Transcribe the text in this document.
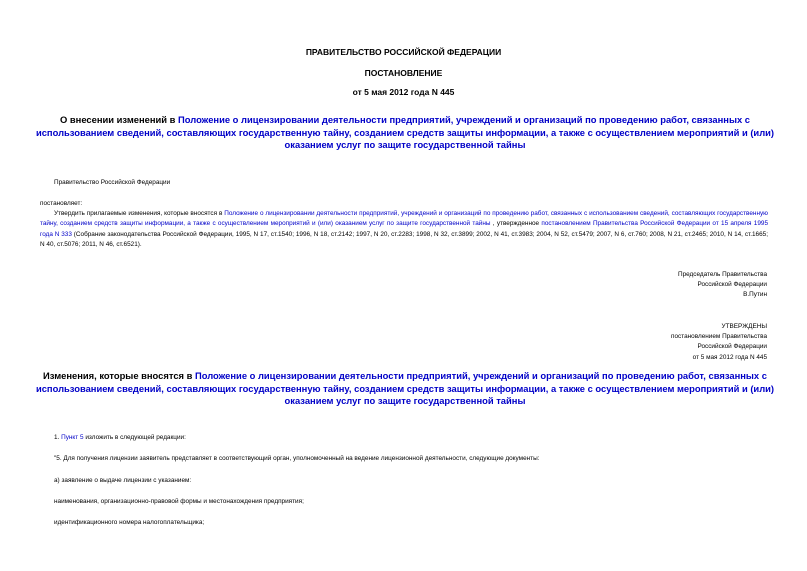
ПРАВИТЕЛЬСТВО РОССИЙСКОЙ ФЕДЕРАЦИИ
ПОСТАНОВЛЕНИЕ
от 5 мая 2012 года N 445
О внесении изменений в Положение о лицензировании деятельности предприятий, учреждений и организаций по проведению работ, связанных с использованием сведений, составляющих государственную тайну, созданием средств защиты информации, а также с осуществлением мероприятий и (или) оказанием услуг по защите государственной тайны
Правительство Российской Федерации
постановляет:
Утвердить прилагаемые изменения, которые вносятся в Положение о лицензировании деятельности предприятий, учреждений и организаций по проведению работ, связанных с использованием сведений, составляющих государственную тайну, созданием средств защиты информации, а также с осуществлением мероприятий и (или) оказанием услуг по защите государственной тайны , утвержденное постановлением Правительства Российской Федерации от 15 апреля 1995 года N 333 (Собрание законодательства Российской Федерации, 1995, N 17, ст.1540; 1996, N 18, ст.2142; 1997, N 20, ст.2283; 1998, N 32, ст.3899; 2002, N 41, ст.3983; 2004, N 52, ст.5479; 2007, N 6, ст.760; 2008, N 21, ст.2465; 2010, N 14, ст.1665; N 40, ст.5076; 2011, N 46, ст.6521).
Председатель Правительства
Российской Федерации
В.Путин
УТВЕРЖДЕНЫ
постановлением Правительства
Российской Федерации
от 5 мая 2012 года N 445
Изменения, которые вносятся в Положение о лицензировании деятельности предприятий, учреждений и организаций по проведению работ, связанных с использованием сведений, составляющих государственную тайну, созданием средств защиты информации, а также с осуществлением мероприятий и (или) оказанием услуг по защите государственной тайны
1. Пункт 5 изложить в следующей редакции:
"5. Для получения лицензии заявитель представляет в соответствующий орган, уполномоченный на ведение лицензионной деятельности, следующие документы:
а) заявление о выдаче лицензии с указанием:
наименования, организационно-правовой формы и местонахождения предприятия;
идентификационного номера налогоплательщика;
